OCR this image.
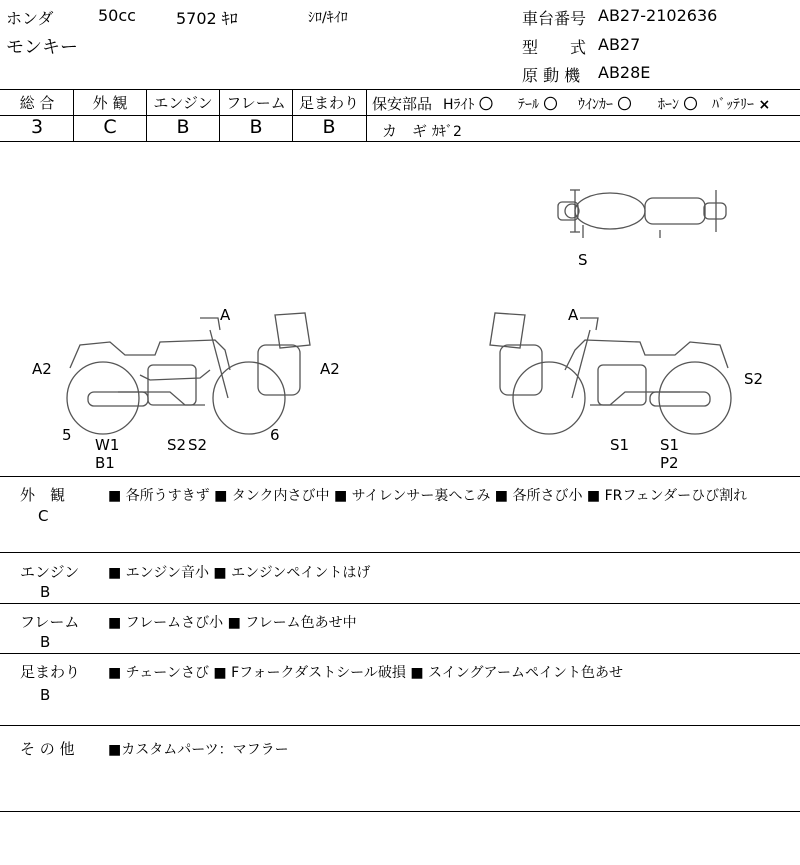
ホンダ	50cc	5702 ｷﾛ	ｼﾛ/ｷｲﾛ
モンキー
車台番号 AB27-2102636
型　　式 AB27
原 動 機 AB28E
総 合	外 観	エンジン フレーム 足まわり
3	C	B	B	B
保安部品 Hﾗｲﾄ 〇 ﾃｰﾙ 〇 ｳｲﾝｶｰ 〇 ﾎｰﾝ 〇 ﾊﾞｯﾃﾘｰ ×
カ　ギ ｶｷﾞ2
S
A
A2	A2
5
W1
B1
S2 S2
6
A
S2
S1 S1
P2
外　観
C
■ 各所うすきず ■ タンク内さび中 ■ サイレンサー裏へこみ ■ 各所さび小 ■ FRフェンダーひび割れ
エンジン
B
■ エンジン音小 ■ エンジンペイントはげ
フレーム
B
■ フレームさび小 ■ フレーム色あせ中
足まわり
B
■ チェーンさび ■ Fフォークダストシール破損 ■ スイングアームペイント色あせ
そ の 他 ■カスタムパーツ：マフラー
